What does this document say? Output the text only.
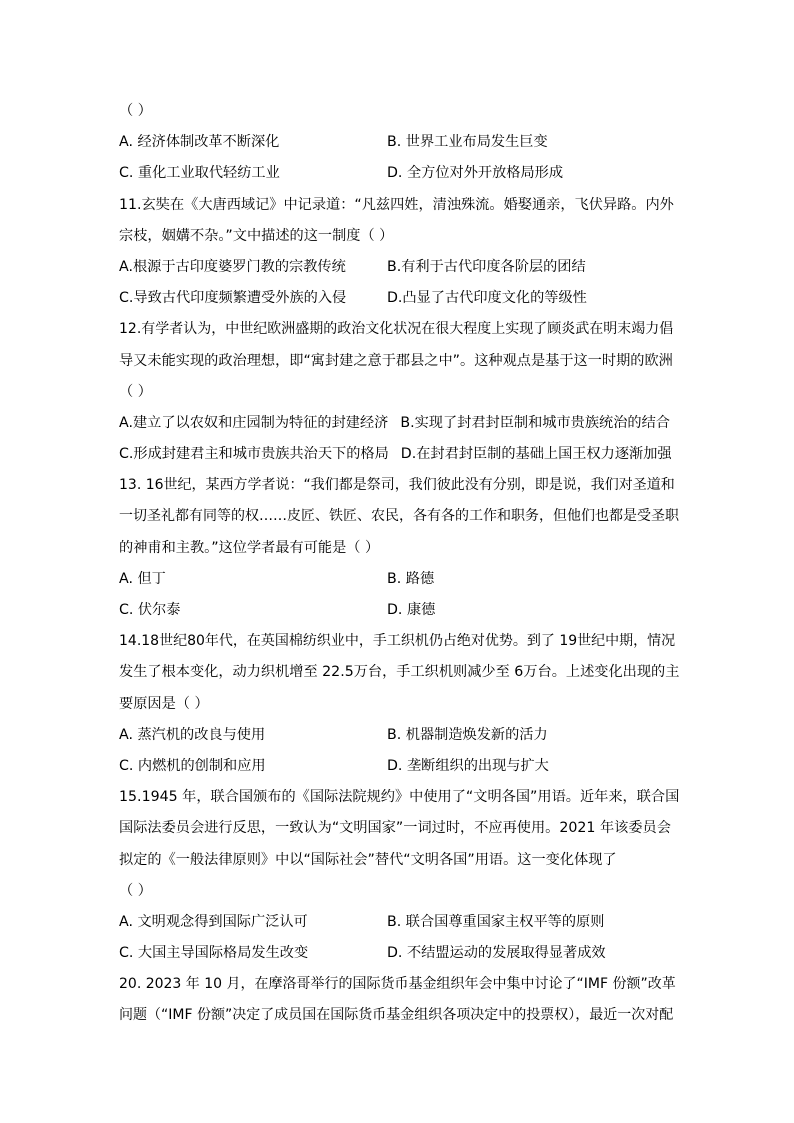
（ ）
A. 经济体制改革不断深化	B. 世界工业布局发生巨变
C. 重化工业取代轻纺工业	D. 全方位对外开放格局形成
11.玄奘在《大唐西域记》中记录道：“凡兹四姓，清浊殊流。婚娶通亲，飞伏异路。内外
宗枝，姻媾不杂。”文中描述的这一制度（ ）
A.根源于古印度婆罗门教的宗教传统	B.有利于古代印度各阶层的团结
C.导致古代印度频繁遭受外族的入侵	D.凸显了古代印度文化的等级性
12.有学者认为，中世纪欧洲盛期的政治文化状况在很大程度上实现了顾炎武在明末竭力倡
导又未能实现的政治理想，即“寓封建之意于郡县之中”。这种观点是基于这一时期的欧洲
（ ）
A.建立了以农奴和庄园制为特征的封建经济 B.实现了封君封臣制和城市贵族统治的结合
C.形成封建君主和城市贵族共治天下的格局 D.在封君封臣制的基础上国王权力逐渐加强
13. 16世纪，某西方学者说：“我们都是祭司，我们彼此没有分别，即是说，我们对圣道和
一切圣礼都有同等的权……皮匠、铁匠、农民，各有各的工作和职务，但他们也都是受圣职
的神甫和主教。”这位学者最有可能是（ ）
A. 但丁	B. 路德
C. 伏尔泰	D. 康德
14.18世纪80年代，在英国棉纺织业中，手工织机仍占绝对优势。到了 19世纪中期，情况
发生了根本变化，动力织机增至 22.5万台，手工织机则减少至 6万台。上述变化出现的主
要原因是（ ）
A. 蒸汽机的改良与使用	B. 机器制造焕发新的活力
C. 内燃机的创制和应用	D. 垄断组织的出现与扩大
15.1945 年，联合国颁布的《国际法院规约》中使用了“文明各国”用语。近年来，联合国
国际法委员会进行反思，一致认为“文明国家”一词过时，不应再使用。2021 年该委员会
拟定的《一般法律原则》中以“国际社会”替代“文明各国”用语。这一变化体现了
（ ）
A. 文明观念得到国际广泛认可	B. 联合国尊重国家主权平等的原则
C. 大国主导国际格局发生改变	D. 不结盟运动的发展取得显著成效
20. 2023 年 10 月，在摩洛哥举行的国际货币基金组织年会中集中讨论了“IMF 份额”改革
问题（“IMF 份额”决定了成员国在国际货币基金组织各项决定中的投票权），最近一次对配
